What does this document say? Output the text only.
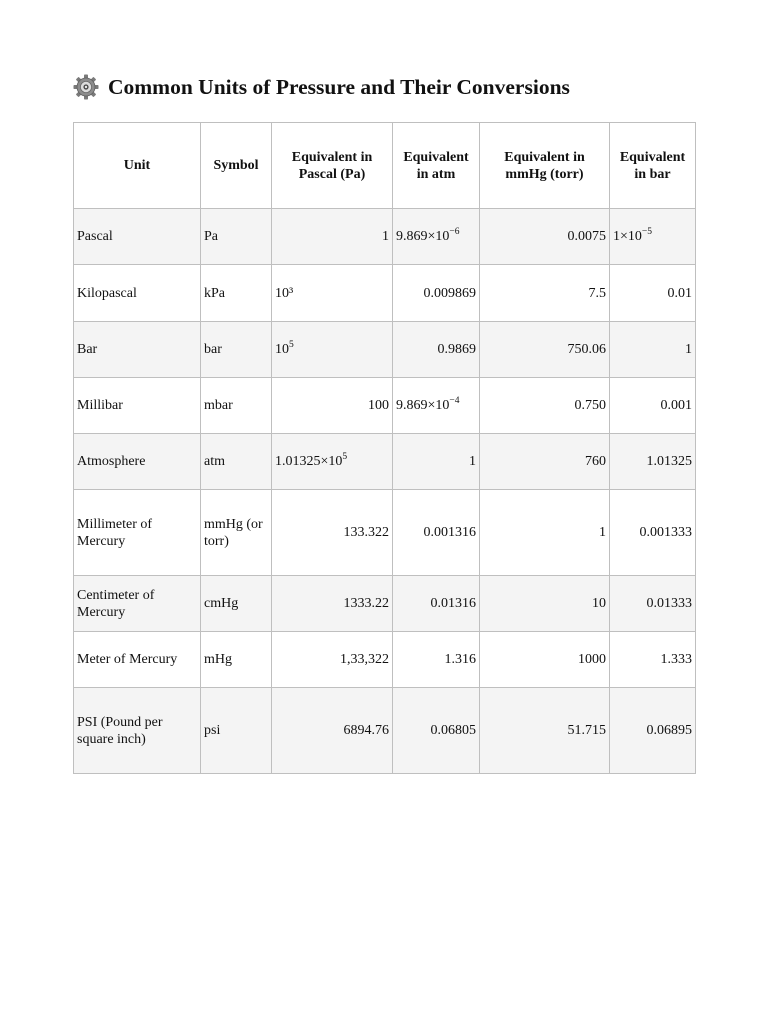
Common Units of Pressure and Their Conversions
Unit	Symbol	Equivalent in Pascal (Pa)	Equivalent in atm	Equivalent in mmHg (torr)	Equivalent in bar
Pascal	Pa	1	$9.869\times 10^{-6}$	0.0075	$1\times 10^{-5}$
Kilopascal	kPa	10³	0.009869	7.5	0.01
Bar	bar	$10^5$	0.9869	750.06	1
Millibar	mbar	100	$9.869\times 10^{-4}$	0.750	0.001
Atmosphere	atm	$1.01325\times 10^5$	1	760	1.01325
Millimeter of Mercury	mmHg (or torr)	133.322	0.001316	1	0.001333
Centimeter of Mercury	cmHg	1333.22	0.01316	10	0.01333
Meter of Mercury	mHg	1,33,322	1.316	1000	1.333
PSI (Pound per square inch)	psi	6894.76	0.06805	51.715	0.06895
